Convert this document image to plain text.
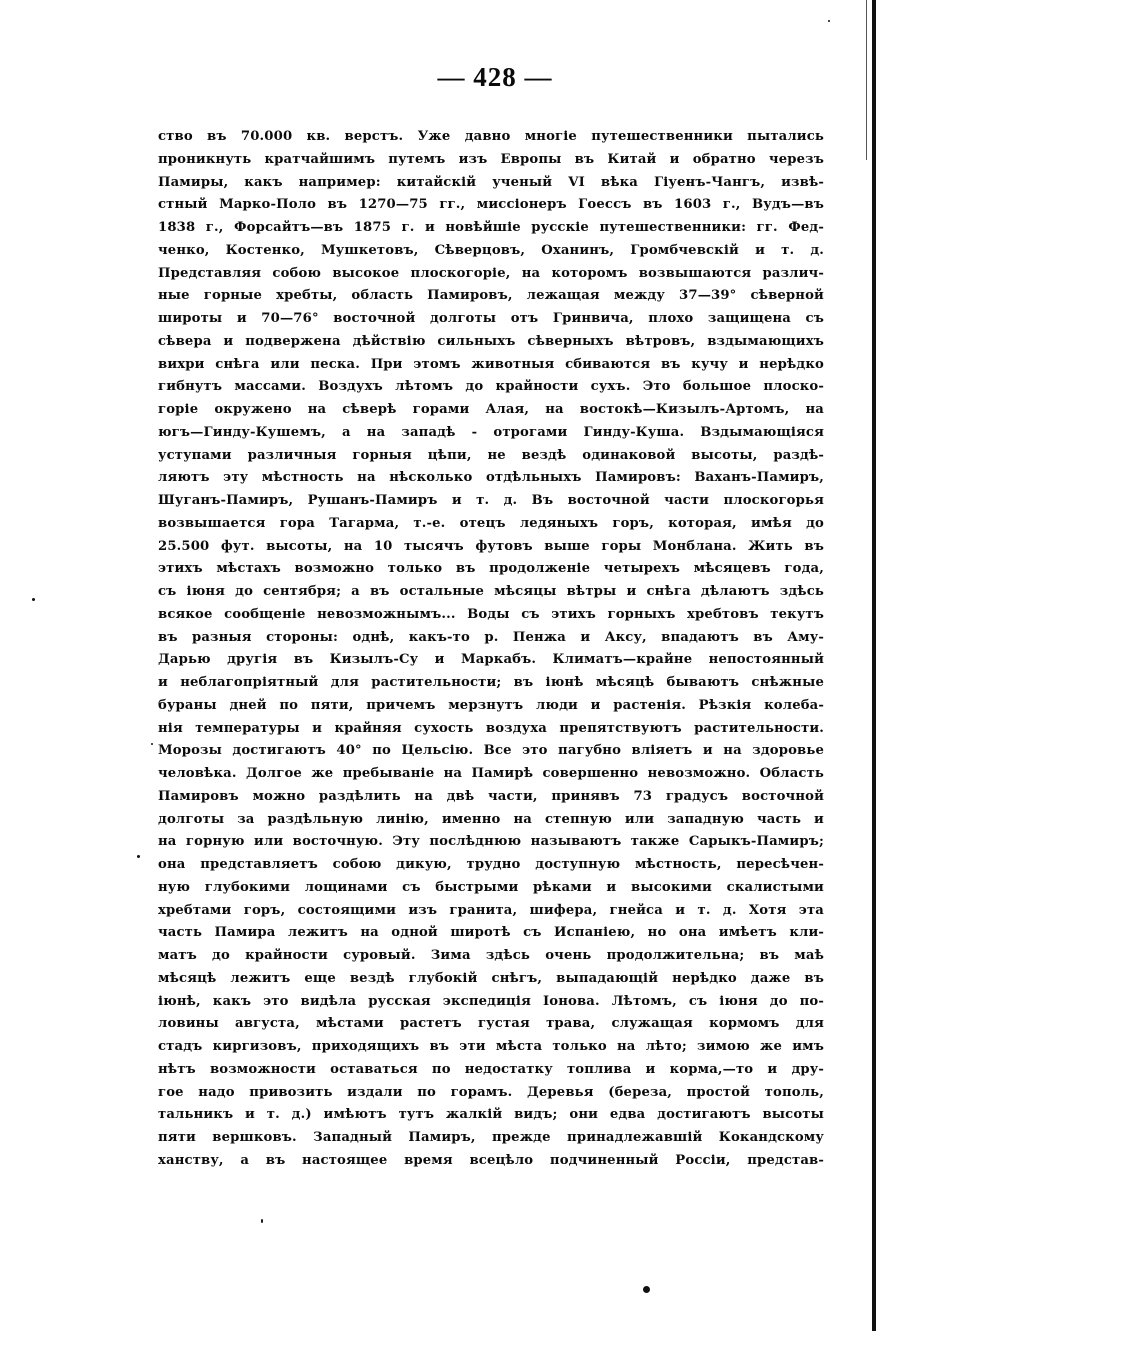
— 428 —
ство въ 70.000 кв. верстъ. Уже давно многіе путешественники пытались
проникнуть кратчайшимъ путемъ изъ Европы въ Китай и обратно черезъ
Памиры, какъ например: китайскій ученый VI вѣка Гіуенъ-Чангъ, извѣ-
стный Марко-Поло въ 1270—75 гг., миссіонеръ Гоессъ въ 1603 г., Вудъ—въ
1838 г., Форсайтъ—въ 1875 г. и новѣйшіе русскіе путешественники: гг. Фед-
ченко, Костенко, Мушкетовъ, Сѣверцовъ, Оханинъ, Громбчевскій и т. д.
Представляя собою высокое плоскогоріе, на которомъ возвышаются различ-
ные горные хребты, область Памировъ, лежащая между 37—39° сѣверной
широты и 70—76° восточной долготы отъ Гринвича, плохо защищена съ
сѣвера и подвержена дѣйствію сильныхъ сѣверныхъ вѣтровъ, вздымающихъ
вихри снѣга или песка. При этомъ животныя сбиваются въ кучу и нерѣдко
гибнутъ массами. Воздухъ лѣтомъ до крайности сухъ. Это большое плоско-
горіе окружено на сѣверѣ горами Алая, на востокѣ—Кизылъ-Артомъ, на
югъ—Гинду-Кушемъ, а на западѣ - отрогами Гинду-Куша. Вздымающіяся
уступами различныя горныя цѣпи, не вездѣ одинаковой высоты, раздѣ-
ляютъ эту мѣстность на нѣсколько отдѣльныхъ Памировъ: Ваханъ-Памиръ,
Шуганъ-Памиръ, Рушанъ-Памиръ и т. д. Въ восточной части плоскогорья
возвышается гора Тагарма, т.-е. отецъ ледяныхъ горъ, которая, имѣя до
25.500 фут. высоты, на 10 тысячъ футовъ выше горы Монблана. Жить въ
этихъ мѣстахъ возможно только въ продолженіе четырехъ мѣсяцевъ года,
съ іюня до сентября; а въ остальные мѣсяцы вѣтры и снѣга дѣлаютъ здѣсь
всякое сообщеніе невозможнымъ... Воды съ этихъ горныхъ хребтовъ текутъ
въ разныя стороны: однѣ, какъ-то р. Пенжа и Аксу, впадаютъ въ Аму-
Дарью другія въ Кизылъ-Су и Маркабъ. Климатъ—крайне непостоянный
и неблагопріятный для растительности; въ іюнѣ мѣсяцѣ бываютъ снѣжные
бураны дней по пяти, причемъ мерзнутъ люди и растенія. Рѣзкія колеба-
нія температуры и крайняя сухость воздуха препятствуютъ растительности.
Морозы достигаютъ 40° по Цельсію. Все это пагубно вліяетъ и на здоровье
человѣка. Долгое же пребываніе на Памирѣ совершенно невозможно. Область
Памировъ можно раздѣлить на двѣ части, принявъ 73 градусъ восточной
долготы за раздѣльную линію, именно на степную или западную часть и
на горную или восточную. Эту послѣднюю называютъ также Сарыкъ-Памиръ;
она представляетъ собою дикую, трудно доступную мѣстность, пересѣчен-
ную глубокими лощинами съ быстрыми рѣками и высокими скалистыми
хребтами горъ, состоящими изъ гранита, шифера, гнейса и т. д. Хотя эта
часть Памира лежитъ на одной широтѣ съ Испаніею, но она имѣетъ кли-
матъ до крайности суровый. Зима здѣсь очень продолжительна; въ маѣ
мѣсяцѣ лежитъ еще вездѣ глубокій снѣгъ, выпадающій нерѣдко даже въ
іюнѣ, какъ это видѣла русская экспедиція Іонова. Лѣтомъ, съ іюня до по-
ловины августа, мѣстами растетъ густая трава, служащая кормомъ для
стадъ киргизовъ, приходящихъ въ эти мѣста только на лѣто; зимою же имъ
нѣтъ возможности оставаться по недостатку топлива и корма,—то и дру-
гое надо привозить издали по горамъ. Деревья (береза, простой тополь,
тальникъ и т. д.) имѣютъ тутъ жалкій видъ; они едва достигаютъ высоты
пяти вершковъ. Западный Памиръ, прежде принадлежавшій Кокандскому
ханству, а въ настоящее время всецѣло подчиненный Россіи, представ-
